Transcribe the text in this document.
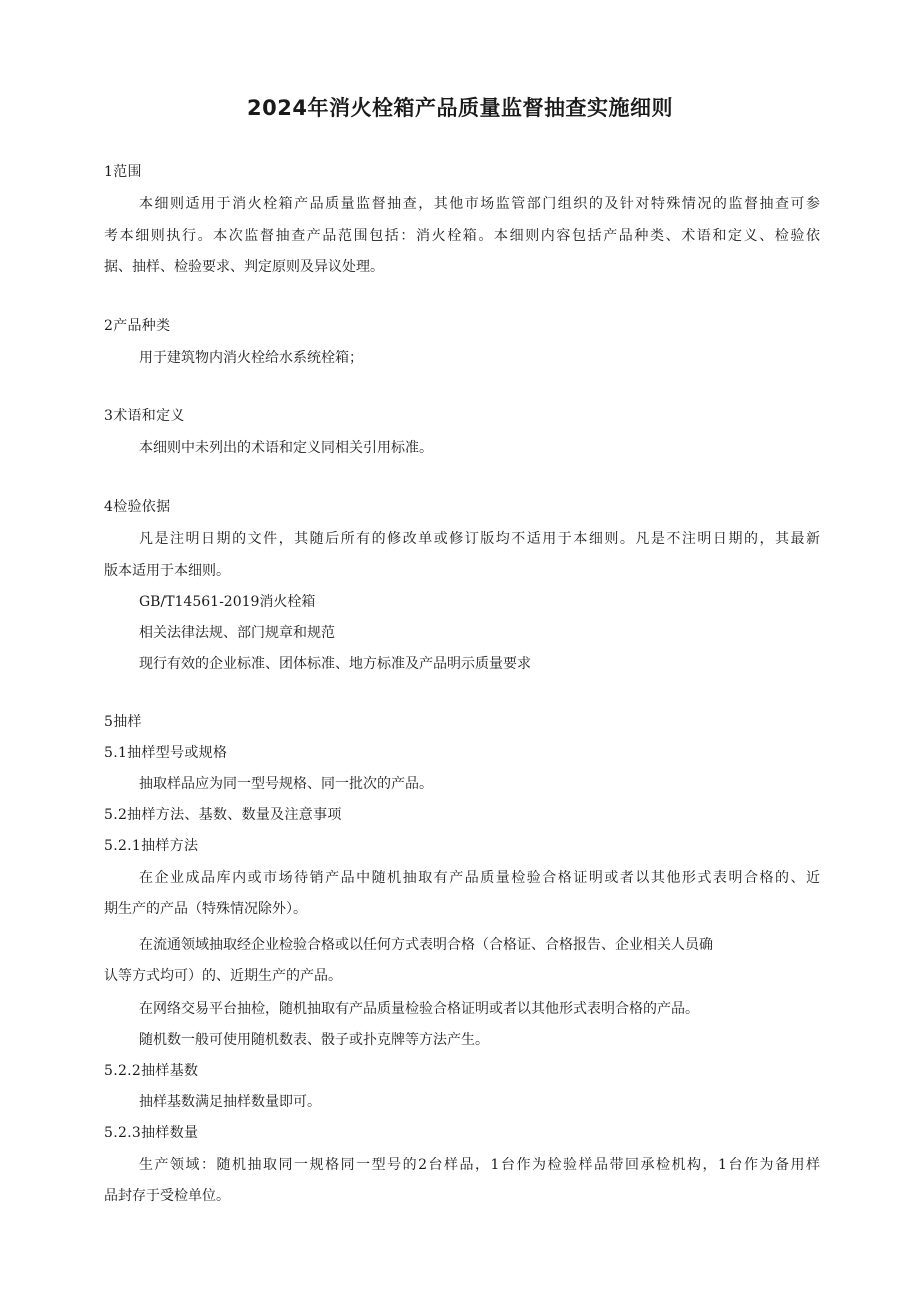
2024年消火栓箱产品质量监督抽查实施细则
1范围
本细则适用于消火栓箱产品质量监督抽查，其他市场监管部门组织的及针对特殊情况的监督抽查可参
考本细则执行。本次监督抽查产品范围包括：消火栓箱。本细则内容包括产品种类、术语和定义、检验依
据、抽样、检验要求、判定原则及异议处理。
2产品种类
用于建筑物内消火栓给水系统栓箱；
3术语和定义
本细则中未列出的术语和定义同相关引用标准。
4检验依据
凡是注明日期的文件，其随后所有的修改单或修订版均不适用于本细则。凡是不注明日期的，其最新
版本适用于本细则。
GB/T14561-2019消火栓箱
相关法律法规、部门规章和规范
现行有效的企业标准、团体标准、地方标准及产品明示质量要求
5抽样
5.1抽样型号或规格
抽取样品应为同一型号规格、同一批次的产品。
5.2抽样方法、基数、数量及注意事项
5.2.1抽样方法
在企业成品库内或市场待销产品中随机抽取有产品质量检验合格证明或者以其他形式表明合格的、近
期生产的产品（特殊情况除外）。
在流通领域抽取经企业检验合格或以任何方式表明合格（合格证、合格报告、企业相关人员确
认等方式均可）的、近期生产的产品。
在网络交易平台抽检，随机抽取有产品质量检验合格证明或者以其他形式表明合格的产品。
随机数一般可使用随机数表、骰子或扑克牌等方法产生。
5.2.2抽样基数
抽样基数满足抽样数量即可。
5.2.3抽样数量
生产领域：随机抽取同一规格同一型号的2台样品，1台作为检验样品带回承检机构，1台作为备用样
品封存于受检单位。
